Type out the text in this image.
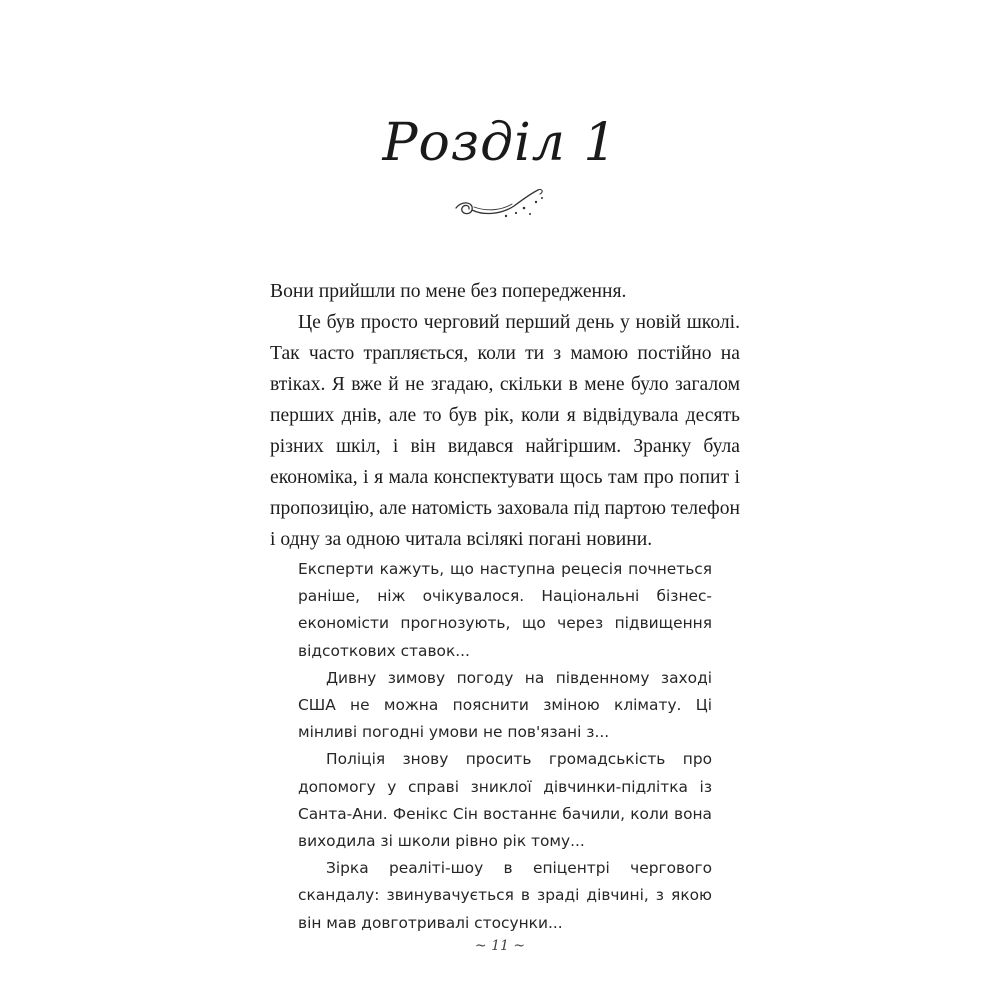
Розділ 1

Вони прийшли по мене без попередження.

Це був просто черговий перший день у новій школі. Так часто трапляється, коли ти з мамою постійно на втіках. Я вже й не згадаю, скільки в мене було загалом перших днів, але то був рік, коли я відвідувала десять різних шкіл, і він видався найгіршим. Зранку була економіка, і я мала конспектувати щось там про попит і пропозицію, але натомість заховала під партою телефон і одну за одною читала всілякі погані новини.

Експерти кажуть, що наступна рецесія почнеться раніше, ніж очікувалося. Національні бізнес-економісти прогнозують, що через підвищення відсоткових ставок...

Дивну зимову погоду на південному заході США не можна пояснити зміною клімату. Ці мінливі погодні умови не пов'язані з...

Поліція знову просить громадськість про допомогу у справі зниклої дівчинки-підлітка із Санта-Ани. Фенікс Сін востаннє бачили, коли вона виходила зі школи рівно рік тому...

Зірка реаліті-шоу в епіцентрі чергового скандалу: звинувачується в зраді дівчині, з якою він мав довготривалі стосунки...

~ 11 ~
